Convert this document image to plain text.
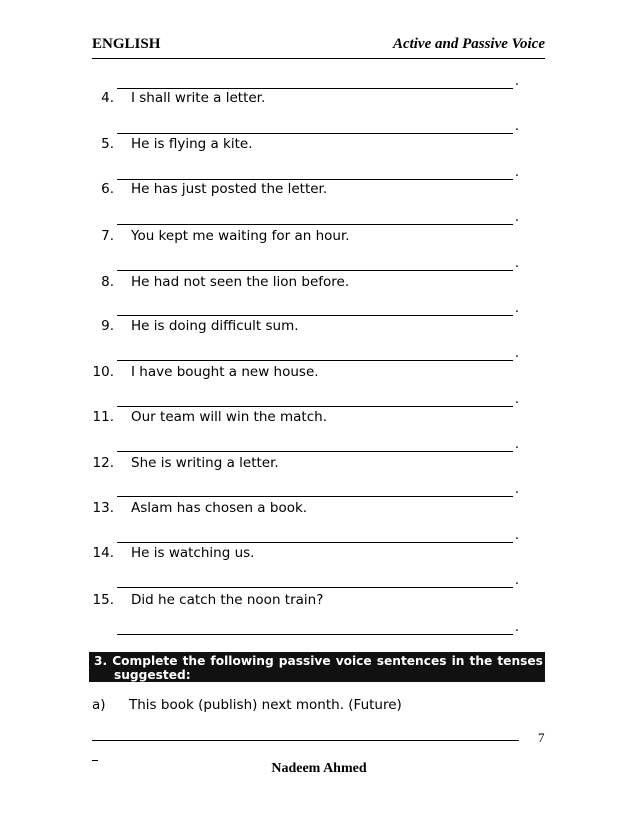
ENGLISH	Active and Passive Voice
.
4. I shall write a letter.
.
5. He is flying a kite.
.
6. He has just posted the letter.
.
7. You kept me waiting for an hour.
.
8. He had not seen the lion before.
.
9. He is doing difficult sum.
.
10. I have bought a new house.
.
11. Our team will win the match.
.
12. She is writing a letter.
.
13. Aslam has chosen a book.
.
14. He is watching us.
.
15. Did he catch the noon train?
.
3. Complete the following passive voice sentences in the tenses
suggested:
a)	This book (publish) next month. (Future)
7
Nadeem Ahmed
